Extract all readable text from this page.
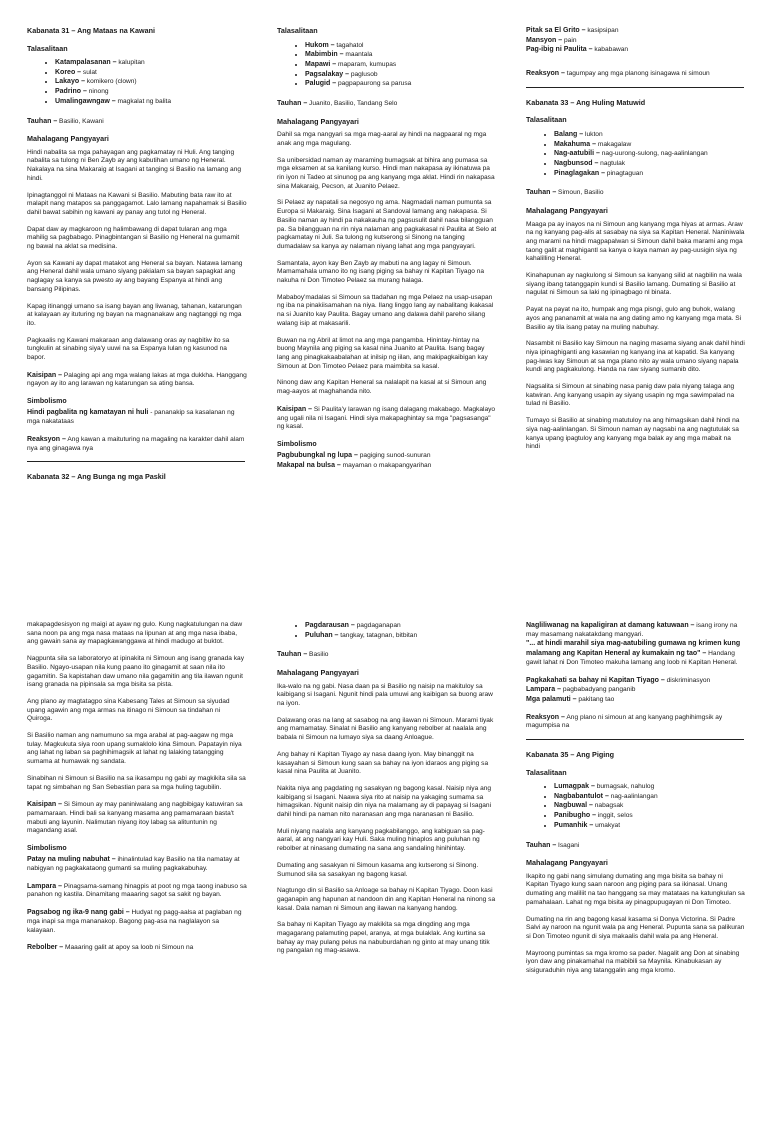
Kabanata 31 – Ang Mataas na Kawani
Talasalitaan
• Katampalasanan – kalupitan
• Koreo – sulat
• Lakayo – komikero (clown)
• Padrino – ninong
• Umalingawngaw – magkalat ng balita
Tauhan – Basilio, Kawani
Mahalagang Pangyayari

Hindi nabalita sa mga pahayagan ang pagkamatay ni Huli. Ang tanging nabalita sa tulong ni Ben Zayb ay ang kabutihan umano ng Heneral. Nakalaya na sina Makaraig at Isagani at tanging si Basilio na lamang ang hindi.

Ipinagtanggol ni Mataas na Kawani si Basilio. Mabuting bata raw ito at malapit nang matapos sa panggagamot. Lalo lamang napahamak si Basilio dahil bawat sabihin ng kawani ay panay ang tutol ng Heneral.

Dapat daw ay magkaroon ng halimbawang di dapat tularan ang mga mahilig sa pagbabago. Pinagbintangan si Basilio ng Heneral na gumamit ng bawal na aklat sa medisina.

Ayon sa Kawani ay dapat matakot ang Heneral sa bayan. Natawa lamang ang Heneral dahil wala umano siyang pakialam sa bayan sapagkat ang naglagay sa kanya sa pwesto ay ang bayang Espanya at hindi ang bansang Pilipinas.

Kapag itinanggi umano sa isang bayan ang liwanag, tahanan, katarungan at kalayaan ay ituturing ng bayan na magnanakaw ang nagtanggi ng mga ito.

Pagkaalis ng Kawani makaraan ang dalawang oras ay nagbitiw ito sa tungkulin at sinabing siya'y uuwi na sa Espanya lulan ng kasunod na bapor.

Kaisipan – Palaging api ang mga walang lakas at mga dukkha. Hanggang ngayon ay ito ang larawan ng katarungan sa ating bansa.
Simbolismo
Hindi pagbalita ng kamatayan ni huli - pananakip sa kasalanan ng mga nakatataas
Reaksyon – Ang kawan a maituturing na magaling na karakter dahil alam nya ang ginagawa nya
Kabanata 32 – Ang Bunga ng mga Paskil
Talasalitaan
• Hukom – tagahatol
• Mabimbin – maantala
• Mapawi – maparam, kumupas
• Pagsalakay – paglusob
• Palugid – pagpapaurong sa parusa
Tauhan – Juanito, Basilio, Tandang Selo
Mahalagang Pangyayari

Dahil sa mga nangyari sa mga mag-aaral ay hindi na nagpaaral ng mga anak ang mga magulang.

Sa unibersidad naman ay maraming bumagsak at bihira ang pumasa sa mga eksamen at sa kanilang kurso. Hindi man nakapasa ay ikinatuwa pa rin iyon ni Tadeo at sinunog pa ang kanyang mga aklat. Hindi rin nakapasa sina Makaraig, Pecson, at Juanito Pelaez.

Si Pelaez ay napatali sa negosyo ng ama. Nagmadali naman pumunta sa Europa si Makaraig. Sina Isagani at Sandoval lamang ang nakapasa. Si Basilio naman ay hindi pa nakakauha ng pagsusulit dahil nasa bilangguan pa. Sa bilangguan na rin niya nalaman ang pagkakasal ni Paulita at Selo at pagkamatay ni Juli. Sa tulong ng kutserong si Sinong na tanging dumadalaw sa kanya ay nalaman niyang lahat ang mga pangyayari.

Samantala, ayon kay Ben Zayb ay mabuti na ang lagay ni Simoun. Mamamahala umano ito ng isang piging sa bahay ni Kapitan Tiyago na nakuha ni Don Timoteo Pelaez sa murang halaga.

Mababoy'madalas si Simoun sa ttadahan ng mga Pelaez na usap-usapan ng iba na pinakiisamahan na niya. Ilang linggo lang ay nabalitang ikakasal na si Juanito kay Paulita. Bagay umano ang dalawa dahil pareho silang walang isip at makasarili.

Buwan na ng Abril at limot na ang mga pangamba. Hinintay-hintay na buong Maynila ang piging sa kasal nina Juanito at Paulita. Isang bagay lang ang pinagkakaabalahan at inilsip ng iilan, ang makipagkaibigan kay Simoun at Don Timoteo Pelaez para maimbita sa kasal.

Ninong daw ang Kapitan Heneral sa nalalapit na kasal at si Simoun ang mag-aayos at maghahanda nito.

Kaisipan – Si Paulita'y larawan ng isang dalagang makabago. Magkalayo ang ugali nila ni Isagani. Hindi siya makapaghintay sa mga "pagsasanga" ng kasal.
Simbolismo
Pagbubungkal ng lupa – pagiging sunod-sunuran
Makapal na bulsa – mayaman o makapangyarihan
Pitak sa El Grito – kasipsipan
Mansyon – pain
Pag-ibig ni Paulita – kababawan
Reaksyon – tagumpay ang mga planong isinagawa ni simoun
Kabanata 33 – Ang Huling Matuwid
Talasalitaan
• Balang – lukton
• Makahuma – makagalaw
• Nag-aatubili – nag-uurong-sulong, nag-aalinlangan
• Nagbunsod – nagtulak
• Pinaglagakan – pinagtaguan
Tauhan – Simoun, Basilio
Mahalagang Pangyayari

Maaga pa ay inayos na ni Simoun ang kanyang mga hiyas at armas. Araw na ng kanyang pag-alis at sasabay na siya sa Kapitan Heneral. Naniniwala ang marami na hindi magpapalwan si Simoun dahil baka marami ang mga taong galit at maghigantl sa kanya o kaya naman ay pag-uusigin siya ng kahalilling Heneral.

Kinahapunan ay nagkulong si Simoun sa kanyang silid at nagbilin na wala siyang ibang tatanggapin kundi si Basilio lamang. Dumating si Basilio at nagulat ni Simoun sa laki ng ipinagbago nl binata.

Payat na payat na ito, humpak ang mga pisngi, gulo ang buhok, walang ayos ang pananamit at wala na ang dating amo ng kanyang mga mata. Si Basilio ay tila isang patay na muling nabuhay.

Nasambit ni Basilio kay Simoun na naging masama siyang anak dahil hindi niya ipinaghiganti ang kasawian ng kanyang ina at kapatid. Sa kanyang pag-iwas kay Simoun at sa mga plano nito ay wala umano siyang napala kundi ang pagkakulong. Handa na raw siyang sumanib dito.

Nagsalita si Simoun at sinabing nasa panig daw pala niyang talaga ang katwiran. Ang kanyang usapin ay siyang usapin ng mga sawimpalad na tulad ni Basilio.

Tumayo si Basilio at sinabing matutuloy na ang himagsikan dahil hindi na siya nag-aalinlangan. Si Simoun naman ay nagsabi na ang nagtutulak sa kanya upang ipagtuloy ang kanyang mga balak ay ang mga mabait na hindi

makapagdesisyon ng maigi at ayaw ng gulo. Kung nagkatulungan na daw sana noon pa ang mga nasa mataas na lipunan at ang mga nasa ibaba, ang gawain sana ay mapagkawanggawa at hindi madugo at buktot.

Nagpunta sila sa laboratoryo at ipinakita ni Simoun ang isang granada kay Basilio. Ngayo-usapan nila kung paano ito ginagamit at saan nila ito gagamitin. Sa kapistahan daw umano nila gagamitin ang tila ilawan ngunit isang granada na pipinsala sa mga bisita sa pista.

Ang plano ay magtatagpo sina Kabesang Tales at Simoun sa siyudad upang agawin ang mga armas na itinago ni Simoun sa tindahan ni Quiroga.

Si Basilio naman ang namumuno sa mga arabal at pag-aagaw ng mga tulay. Magkukuta siya roon upang sumaklolo kina Simoun. Papatayin niya ang lahat ng laban sa paghihimagsik at lahat ng lalaking tatangging sumama at humawak ng sandata.

Sinabihan ni Simoun si Basilio na sa ikasampu ng gabi ay magkikita sila sa tapat ng simbahan ng San Sebastian para sa mga huling tagubilin.

Kaisipan – Si Simoun ay may paniniwalang ang nagbibigay katuwiran sa pamamaraan. Hindi bali sa kanyang masama ang pamamaraan basta't mabuti ang layunin. Nalimutan niyang itoy labag sa alituntunin ng magandang asal.
Simbolismo
Patay na muling nabuhat – ihinalintulad kay Basilio na tila namatay at nabigyan ng pagkakataong gumanti sa muling pagkakabuhay.
Lampara – Pinagsama-samang hinagpis at poot ng mga taong inabuso sa panahon ng kastila. Dinamitang maaaring sagot sa sakit ng bayan.
Pagsabog ng ika-9 nang gabi – Hudyat ng pagg-aalsa at paglaban ng mga inapi sa mga mananakop. Bagong pag-asa na naglalayon sa kalayaan.
Rebolber – Maaaring galit at apoy sa loob ni Simoun na
• Pagdarausan – pagdaganapan
• Puluhan – tangkay, tatagnan, bitbitan
Tauhan – Basilio
Mahalagang Pangyayari

Ika-walo na ng gabi. Nasa daan pa si Basilio ng naisip na makituloy sa kaibigang si Isagani. Ngunit hindi pala umuwi ang kaibigan sa buong araw na iyon.

Dalawang oras na lang at sasabog na ang ilawan ni Simoun. Marami tiyak ang mamamatay. Sinalat ni Basilio ang kanyang rebolber at naalala ang babala ni Simoun na lumayo siya sa daang Anloague.

Ang bahay ni Kapitan Tiyago ay nasa daang iyon. May binanggit na kasayahan si Simoun kung saan sa bahay na iyon idaraos ang piging sa kasal nina Paulita at Juanito.

Nakita niya ang pagdating ng sasakyan ng bagong kasal. Naisip niya ang kaibigang si Isagani. Naawa siya rito at naisip na yakaging sumama sa himagsikan. Ngunit naisip din niya na malamang ay di papayag si Isagani dahil hindi pa naman nito naranasan ang mga naranasan ni Basilio.

Muli niyang naalala ang kanyang pagkabilanggo, ang kabiguan sa pag-aaral, at ang nangyari kay Huli. Saka muling hinaplos ang puluhan ng rebolber at ninasang dumating na sana ang sandaling hinihintay.

Dumating ang sasakyan ni Simoun kasama ang kutserong si Sinong. Sumunod sila sa sasakyan ng bagong kasal.

Nagtungo din si Basilio sa Anloage sa bahay ni Kapitan Tiyago. Doon kasi gaganapin ang hapunan at nandoon din ang Kapitan Heneral na ninong sa kasal. Dala naman ni Simoun ang ilawan na kanyang handog.

Sa bahay ni Kapitan Tiyago ay makikita sa mga dingding ang mga magagarang palamuting papel, aranya, at mga bulaklak. Ang kurtina sa bahay ay may pulang pelus na nabuburdahan ng ginto at may unang titik ng pangalan ng mag-asawa.

Nagliliwanag na kapaligiran at damang katuwaan – isang irony na may masamang nakatakdang mangyari.
"... at hindi marahil siya mag-aatubiling gumawa ng krimen kung malamang ang Kapitan Heneral ay kumakain ng tao" – Handang gawit lahat ni Don Timoteo makuha lamang ang loob ni Kapitan Heneral.
Pagkakahati sa bahay ni Kapitan Tiyago – diskriminasyon
Lampara – pagbabadyang panganib
Mga palamuti – pakitang tao
Reaksyon – Ang plano ni simoun at ang kanyang paghihimgsik ay magumpisa na
Kabanata 35 – Ang Piging
Talasalitaan
• Lumagpak – bumagsak, nahulog
• Nagbabantulot – nag-aalinlangan
• Nagbuwal – nabagsak
• Panibugho – inggit, selos
• Pumanhik – umakyat
Tauhan – Isagani
Mahalagang Pangyayari

Ikapito ng gabi nang simulang dumating ang mga bisita sa bahay ni Kapitan Tiyago kung saan naroon ang piging para sa ikinasal. Unang dumating ang maliliit na tao hanggang sa may matataas na katungkulan sa pamahalaan. Lahat ng mga bisita ay pinagpupugayan ni Don Timoteo.

Dumating na rin ang bagong kasal kasama si Donya Victorina. Si Padre Salvi ay naroon na ngunit wala pa ang Heneral. Pupunta sana sa palikuran si Don Timoteo ngunit di siya makaalis dahil wala pa ang Heneral.

Mayroong pumintas sa mga kromo sa pader. Nagalit ang Don at sinabing iyon daw ang pinakamahal na mabibili sa Maynila. Kinabukasan ay sisiguraduhin niya ang tatanggalin ang mga kromo.
